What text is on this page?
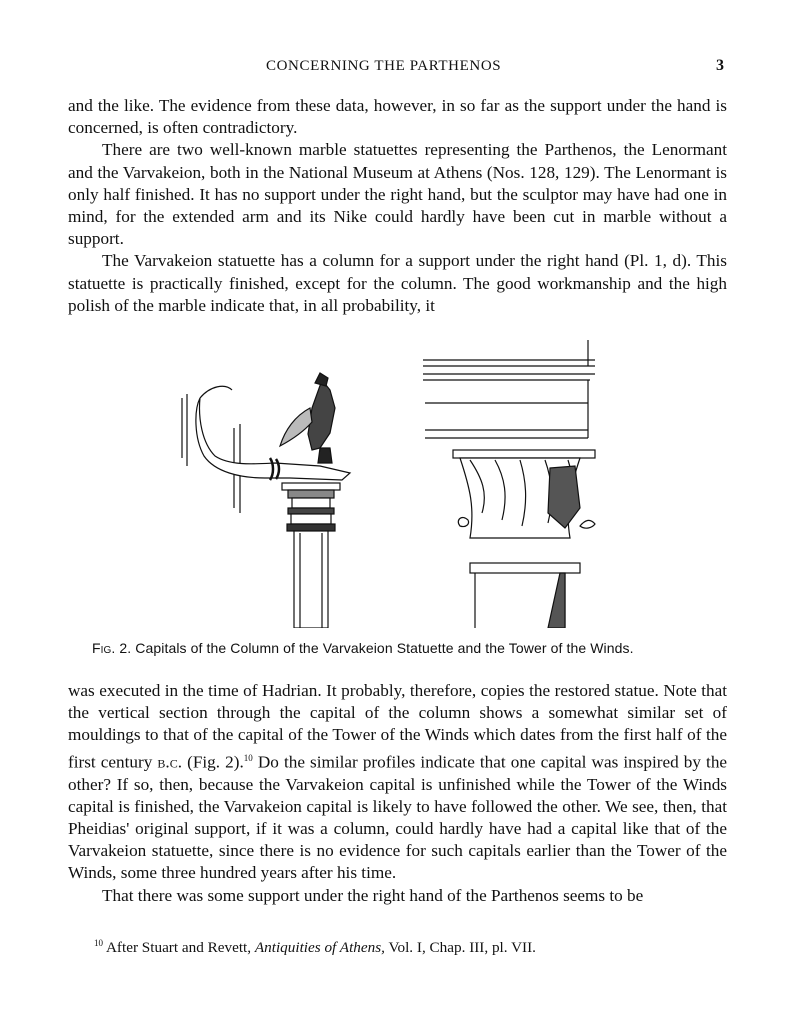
CONCERNING THE PARTHENOS	3

and the like. The evidence from these data, however, in so far as the support under the hand is concerned, is often contradictory.

There are two well-known marble statuettes representing the Parthenos, the Lenormant and the Varvakeion, both in the National Museum at Athens (Nos. 128, 129). The Lenormant is only half finished. It has no support under the right hand, but the sculptor may have had one in mind, for the extended arm and its Nike could hardly have been cut in marble without a support.

The Varvakeion statuette has a column for a support under the right hand (Pl. 1, d). This statuette is practically finished, except for the column. The good workmanship and the high polish of the marble indicate that, in all probability, it

Fig. 2. Capitals of the Column of the Varvakeion Statuette and the Tower of the Winds.

was executed in the time of Hadrian. It probably, therefore, copies the restored statue. Note that the vertical section through the capital of the column shows a somewhat similar set of mouldings to that of the capital of the Tower of the Winds which dates from the first half of the first century b.c. (Fig. 2).$^{10}$ Do the similar profiles indicate that one capital was inspired by the other? If so, then, because the Varvakeion capital is unfinished while the Tower of the Winds capital is finished, the Varvakeion capital is likely to have followed the other. We see, then, that Pheidias' original support, if it was a column, could hardly have had a capital like that of the Varvakeion statuette, since there is no evidence for such capitals earlier than the Tower of the Winds, some three hundred years after his time.

That there was some support under the right hand of the Parthenos seems to be

$^{10}$ After Stuart and Revett, Antiquities of Athens, Vol. I, Chap. III, pl. VII.
